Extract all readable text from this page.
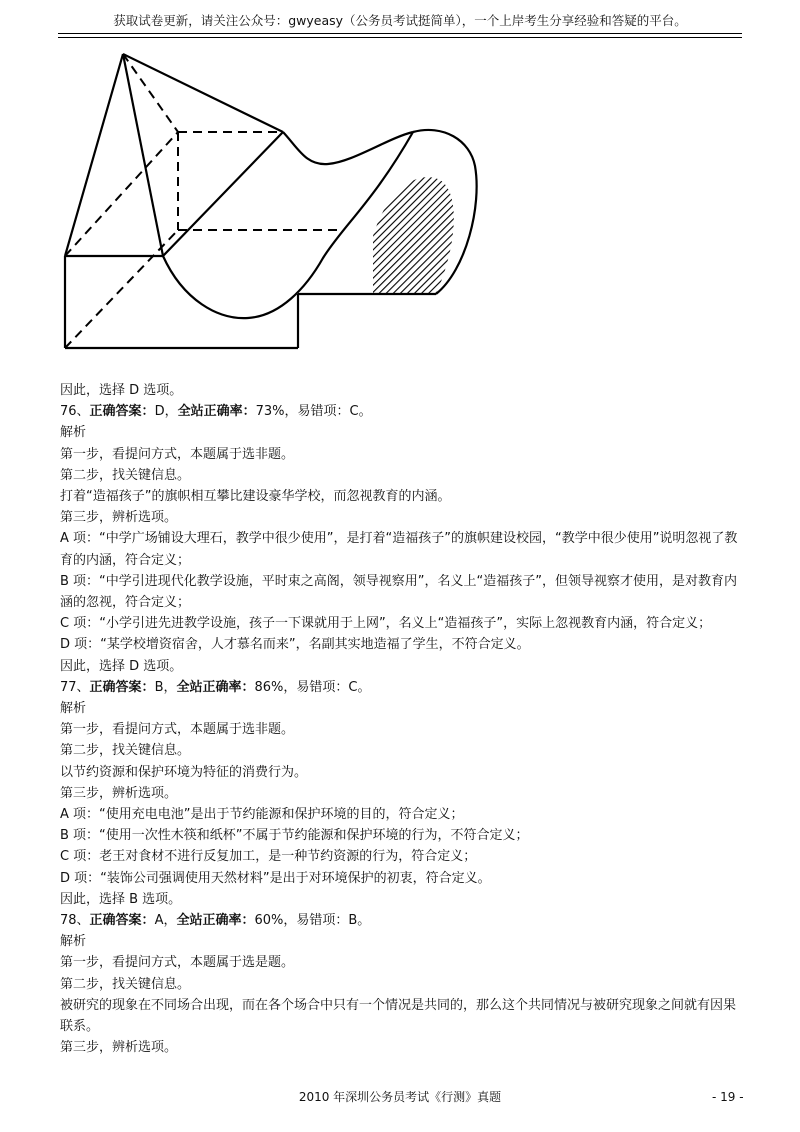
获取试卷更新，请关注公众号：gwyeasy（公务员考试挺简单），一个上岸考生分享经验和答疑的平台。
因此，选择 D 选项。
76、正确答案：D，全站正确率：73%，易错项：C。
解析
第一步，看提问方式，本题属于选非题。
第二步，找关键信息。
打着“造福孩子”的旗帜相互攀比建设豪华学校，而忽视教育的内涵。
第三步，辨析选项。
A 项：“中学广场铺设大理石，教学中很少使用”，是打着“造福孩子”的旗帜建设校园，“教学中很少使用”说明忽视了教育的内涵，符合定义；
B 项：“中学引进现代化教学设施，平时束之高阁，领导视察用”，名义上“造福孩子”，但领导视察才使用，是对教育内涵的忽视，符合定义；
C 项：“小学引进先进教学设施，孩子一下课就用于上网”，名义上“造福孩子”，实际上忽视教育内涵，符合定义；
D 项：“某学校增资宿舍，人才慕名而来”，名副其实地造福了学生，不符合定义。
因此，选择 D 选项。
77、正确答案：B，全站正确率：86%，易错项：C。
解析
第一步，看提问方式，本题属于选非题。
第二步，找关键信息。
以节约资源和保护环境为特征的消费行为。
第三步，辨析选项。
A 项：“使用充电电池”是出于节约能源和保护环境的目的，符合定义；
B 项：“使用一次性木筷和纸杯”不属于节约能源和保护环境的行为，不符合定义；
C 项：老王对食材不进行反复加工，是一种节约资源的行为，符合定义；
D 项：“装饰公司强调使用天然材料”是出于对环境保护的初衷，符合定义。
因此，选择 B 选项。
78、正确答案：A，全站正确率：60%，易错项：B。
解析
第一步，看提问方式，本题属于选是题。
第二步，找关键信息。
被研究的现象在不同场合出现，而在各个场合中只有一个情况是共同的，那么这个共同情况与被研究现象之间就有因果联系。
第三步，辨析选项。
2010 年深圳公务员考试《行测》真题	- 19 -
